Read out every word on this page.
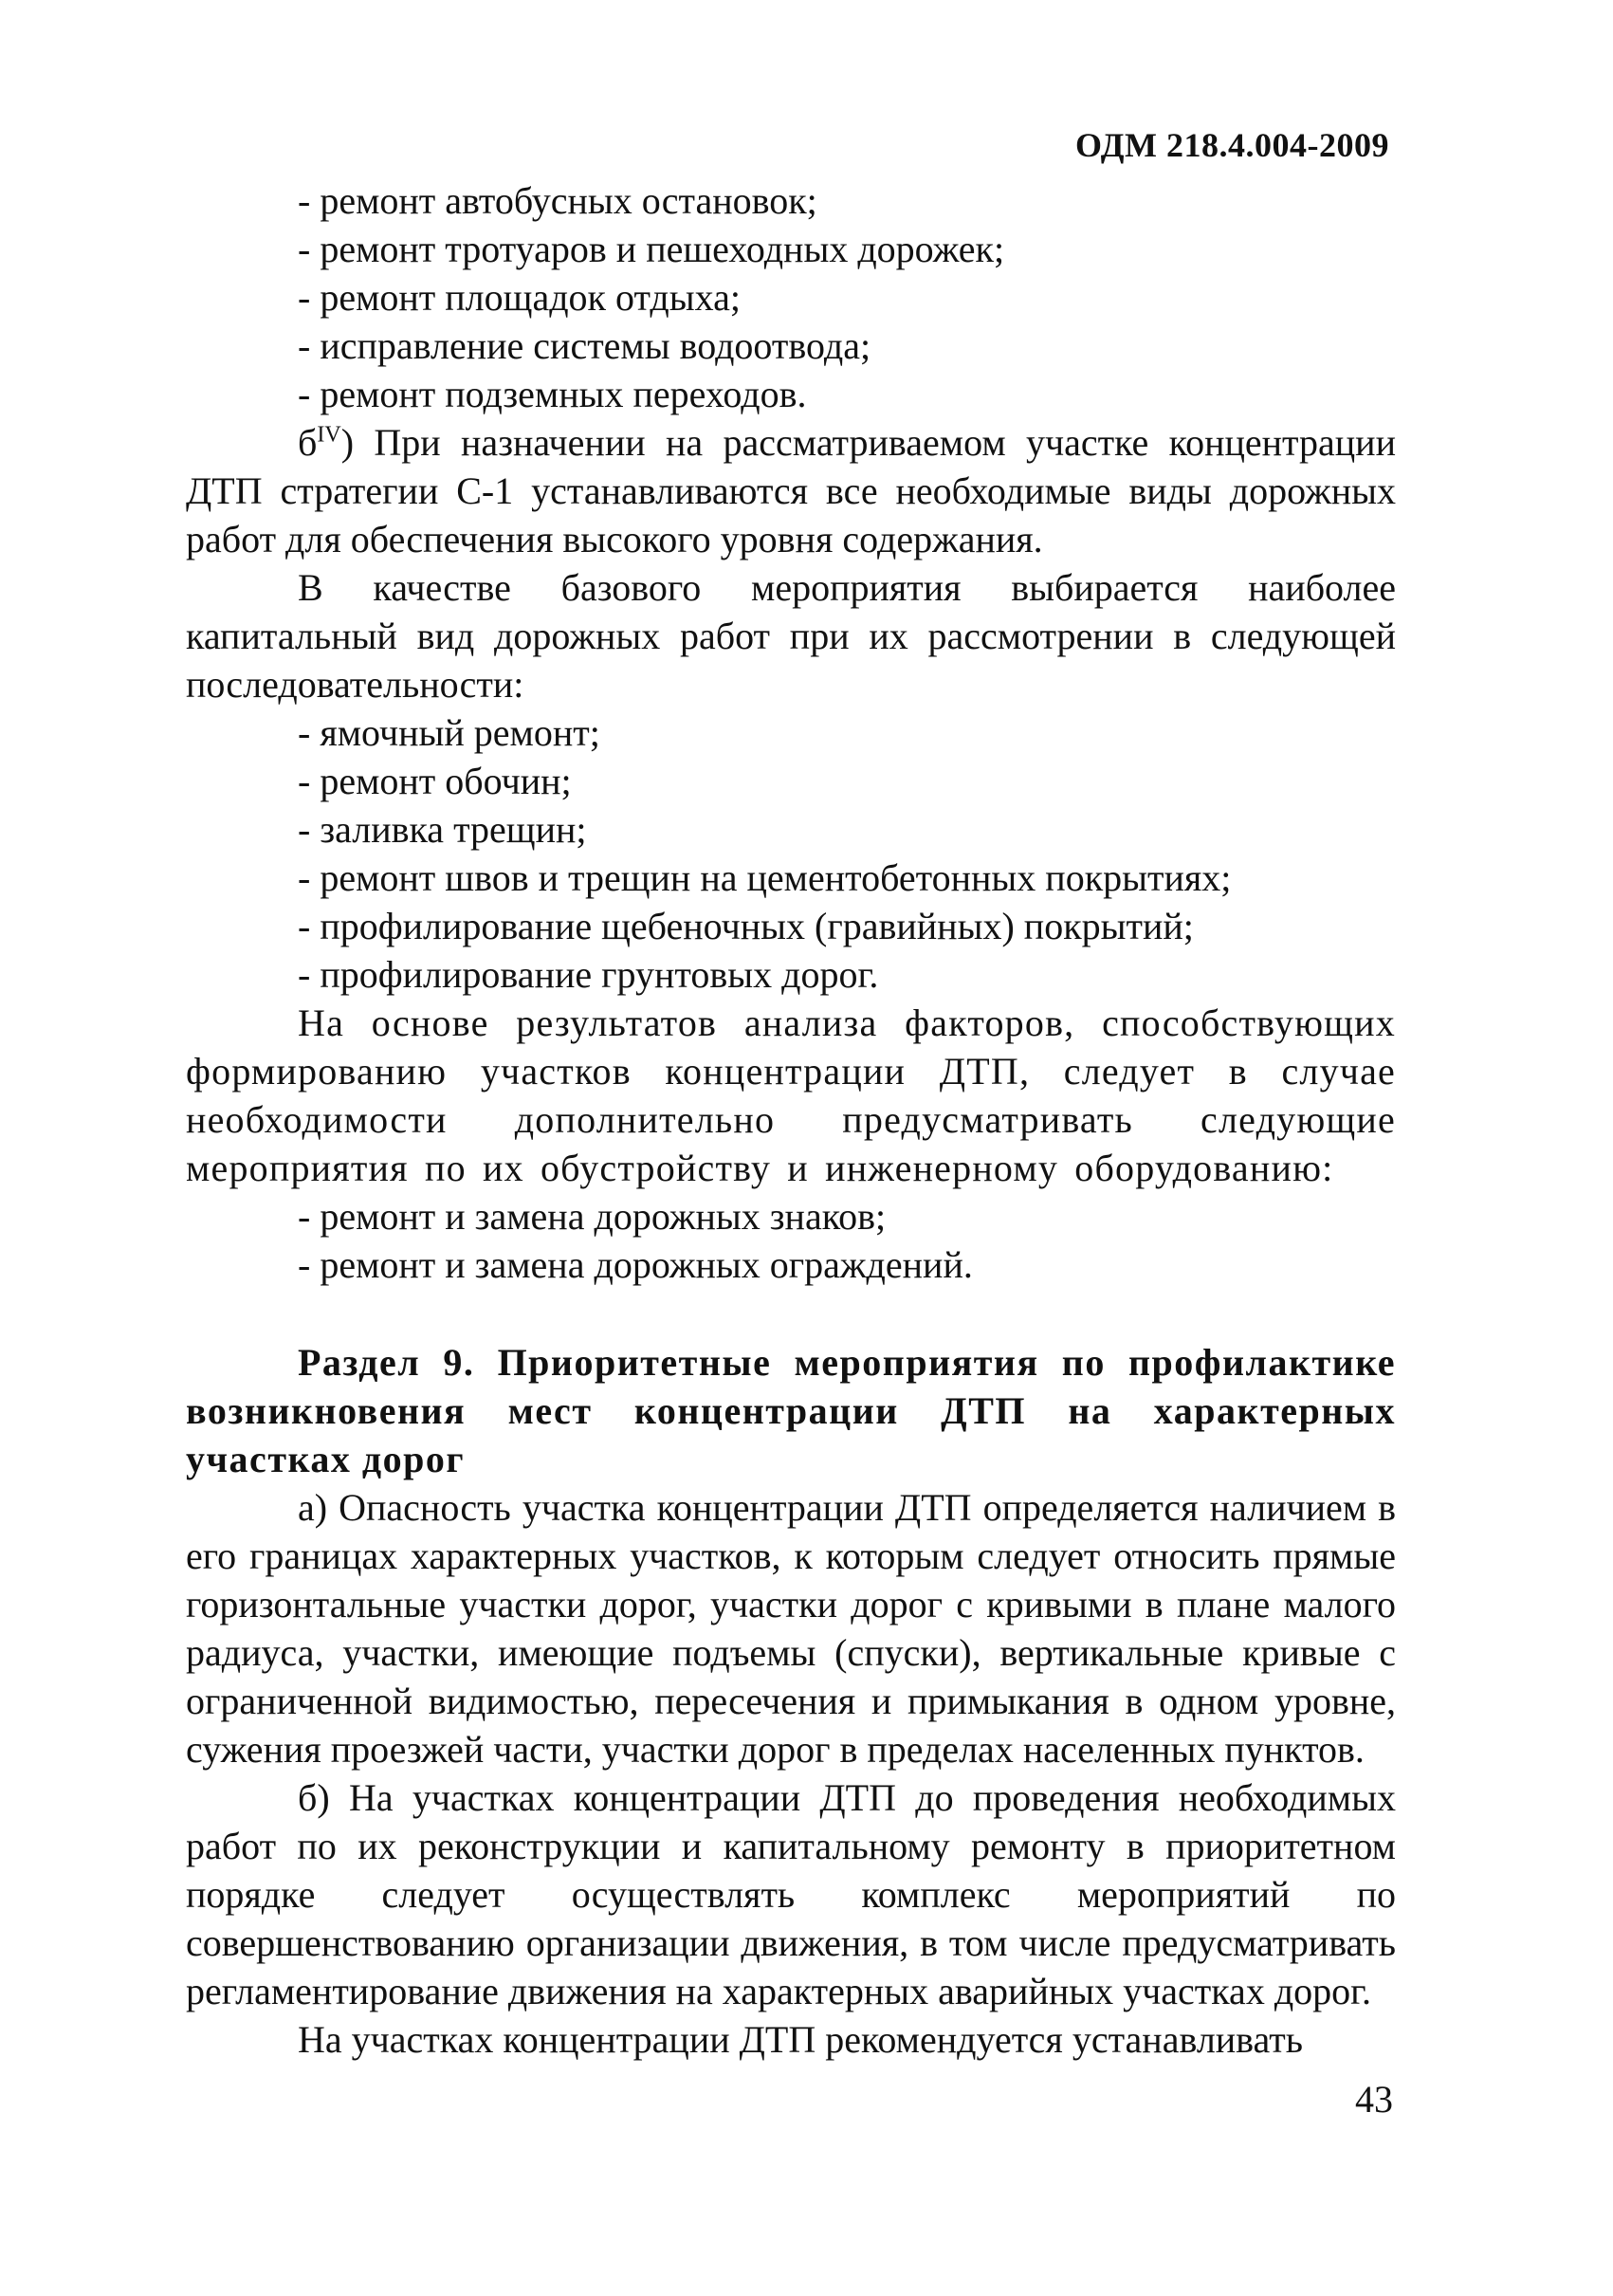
ОДМ 218.4.004-2009
- ремонт автобусных остановок;
- ремонт тротуаров и пешеходных дорожек;
- ремонт площадок отдыха;
- исправление системы водоотвода;
- ремонт подземных переходов.

$б^{IV}$) При назначении на рассматриваемом участке концентрации ДТП стратегии С-1 устанавливаются все необходимые виды дорожных работ для обеспечения высокого уровня содержания.

В качестве базового мероприятия выбирается наиболее капитальный вид дорожных работ при их рассмотрении в следующей последовательности:

- ямочный ремонт;
- ремонт обочин;
- заливка трещин;
- ремонт швов и трещин на цементобетонных покрытиях;
- профилирование щебеночных (гравийных) покрытий;
- профилирование грунтовых дорог.

На основе результатов анализа факторов, способствующих формированию участков концентрации ДТП, следует в случае необходимости дополнительно предусматривать следующие мероприятия по их обустройству и инженерному оборудованию:

- ремонт и замена дорожных знаков;
- ремонт и замена дорожных ограждений.
Раздел 9. Приоритетные мероприятия по профилактике возникновения мест концентрации ДТП на характерных участках дорог

а) Опасность участка концентрации ДТП определяется наличием в его границах характерных участков, к которым следует относить прямые горизонтальные участки дорог, участки дорог с кривыми в плане малого радиуса, участки, имеющие подъемы (спуски), вертикальные кривые с ограниченной видимостью, пересечения и примыкания в одном уровне, сужения проезжей части, участки дорог в пределах населенных пунктов.

б) На участках концентрации ДТП до проведения необходимых работ по их реконструкции и капитальному ремонту в приоритетном порядке следует осуществлять комплекс мероприятий по совершенствованию организации движения, в том числе предусматривать регламентирование движения на характерных аварийных участках дорог.

На участках концентрации ДТП рекомендуется устанавливать

43
